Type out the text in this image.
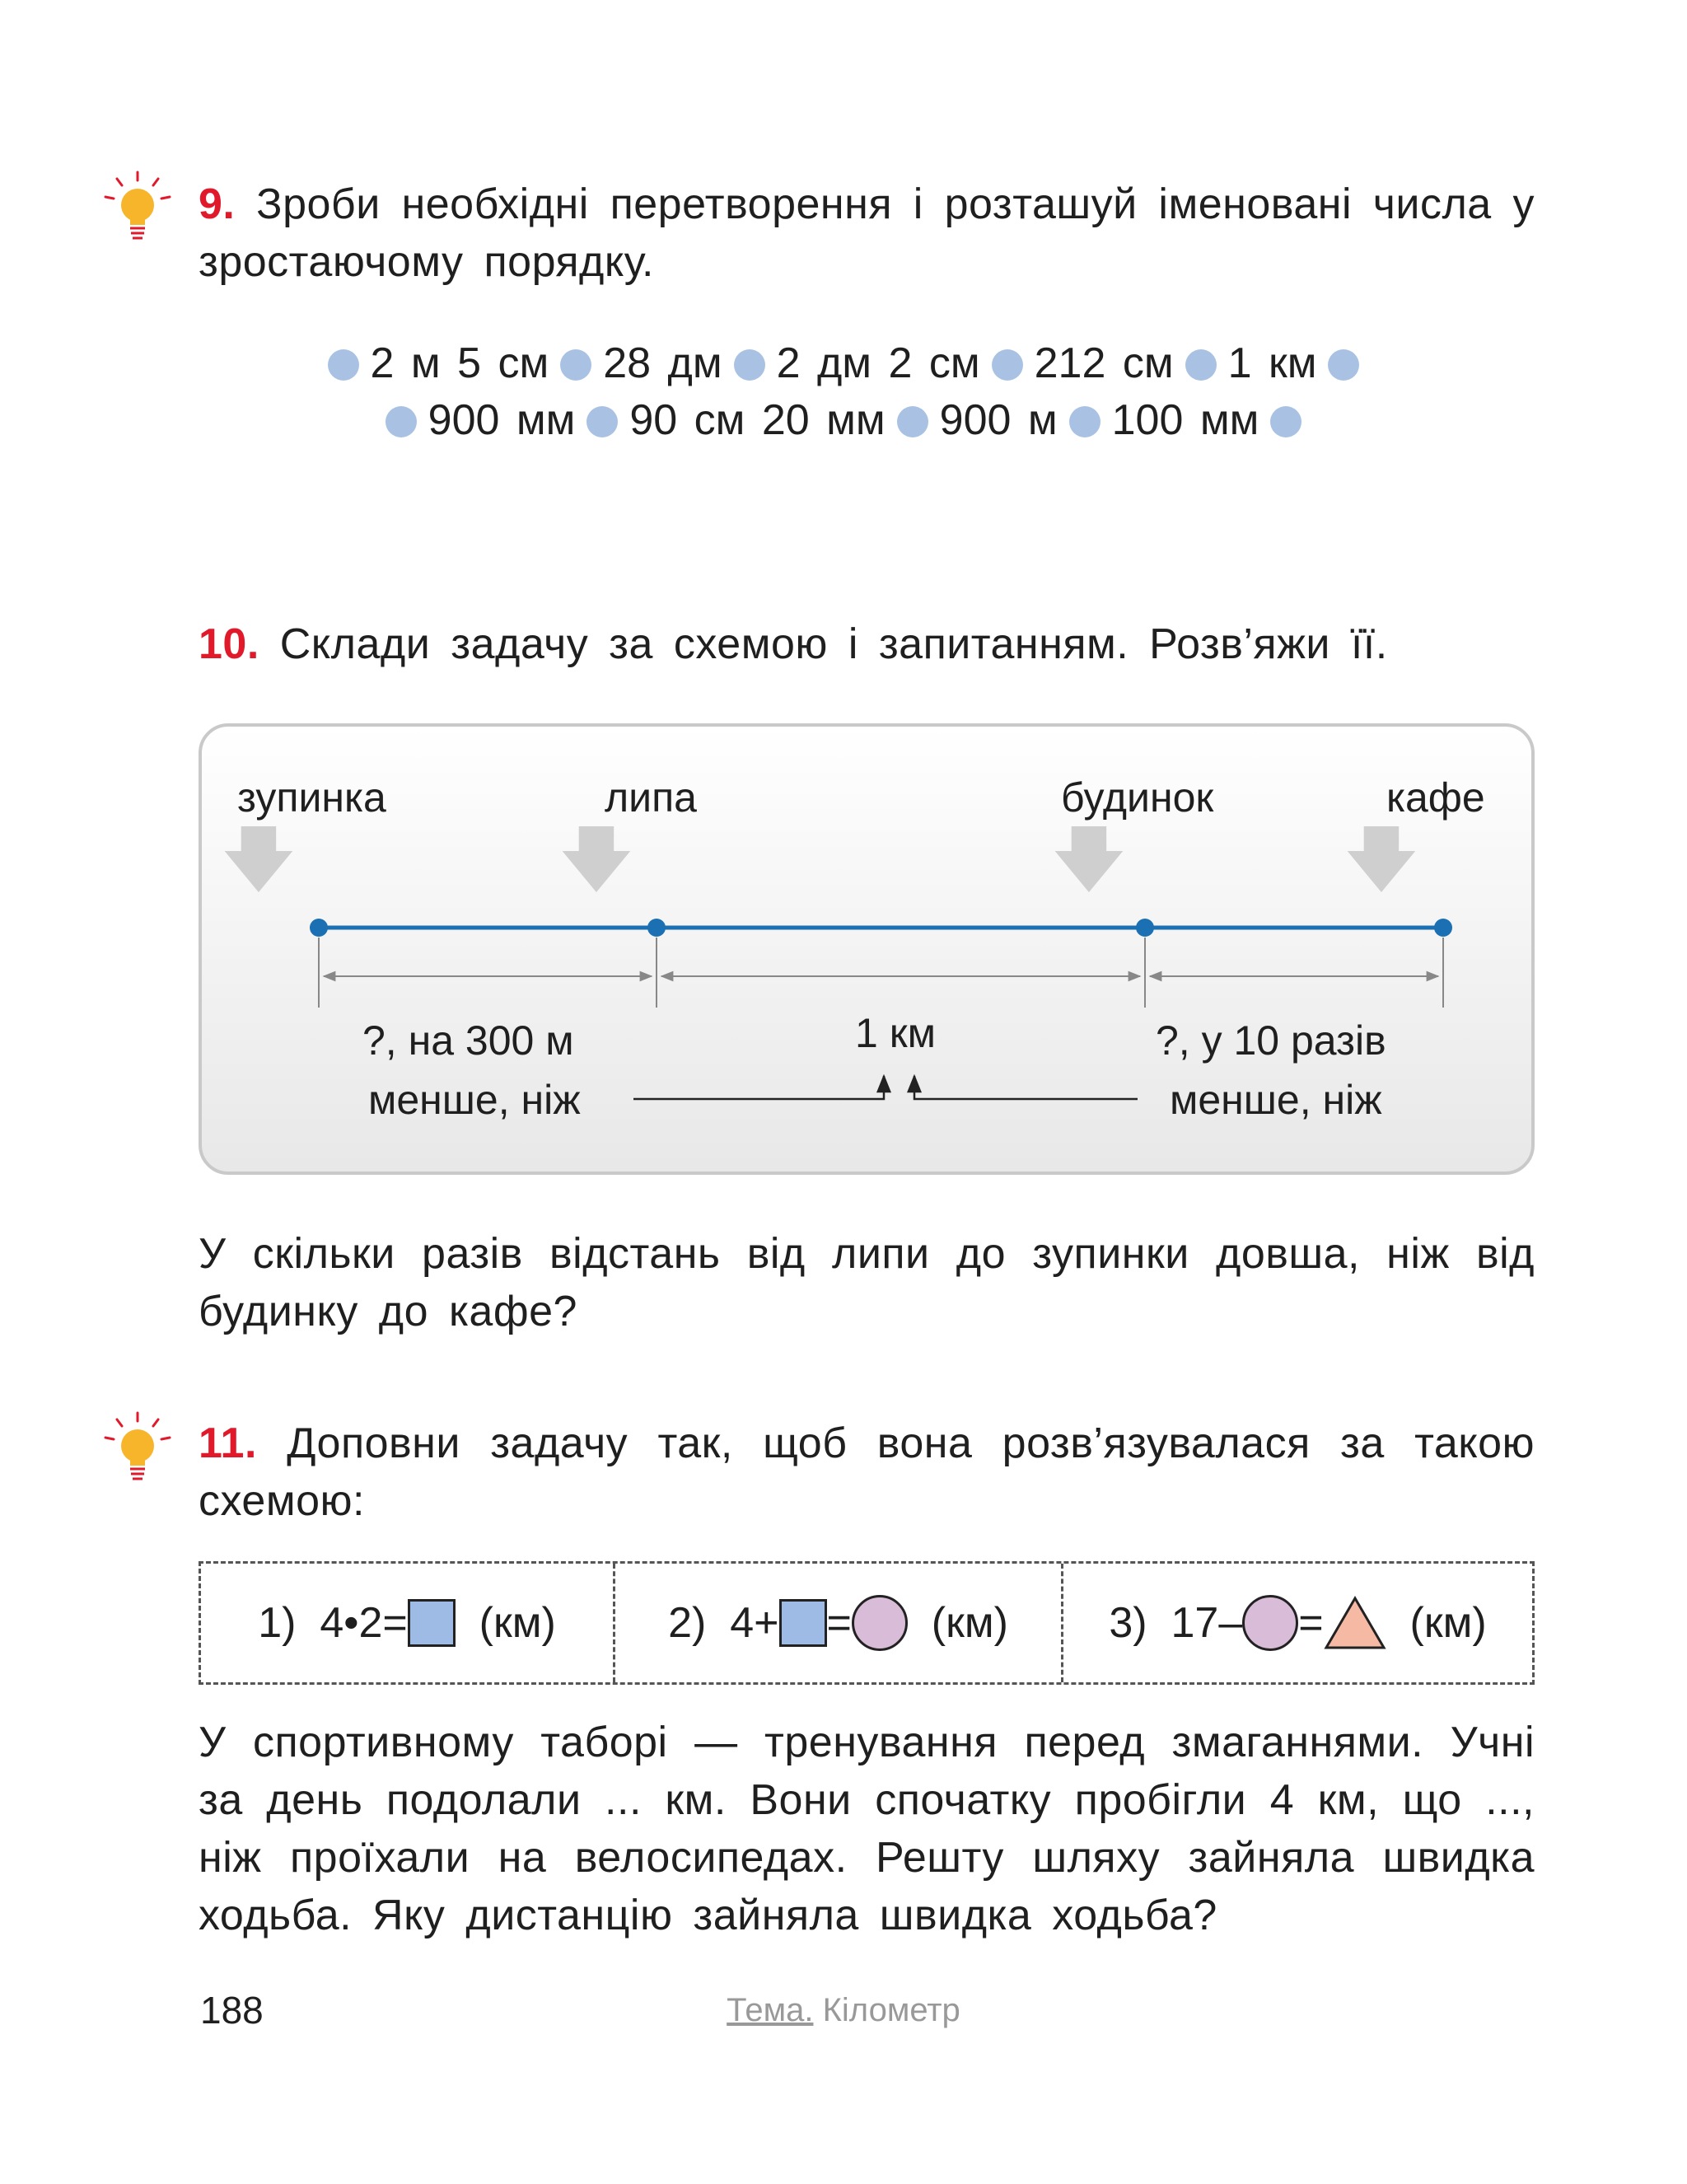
9. Зроби необхідні перетворення і розташуй іменовані числа у зростаючому порядку.
2 м 5 см 28 дм 2 дм 2 см 212 см 1 км
900 мм 90 см 20 мм 900 м 100 мм
10. Склади задачу за схемою і запитанням. Розв’яжи її.
зупинка	липа	будинок	кафе
?, на 300 м
менше, ніж
1 км	?, у 10 разів
менше, ніж
У скільки разів відстань від липи до зупинки довша, ніж від будинку до кафе?
11. Доповни задачу так, щоб вона розв’язувалася за такою схемою:
1)
4•2=
(км)	2)
4+ =
(км) 3)
17– =
(км)
У спортивному таборі — тренування перед змаганнями. Учні за день подолали ... км. Вони спочатку пробігли 4 км, що ..., ніж проїхали на велосипедах. Решту шляху зайняла швидка ходьба. Яку дистанцію зайняла швидка ходьба?
188	Тема. Кілометр
